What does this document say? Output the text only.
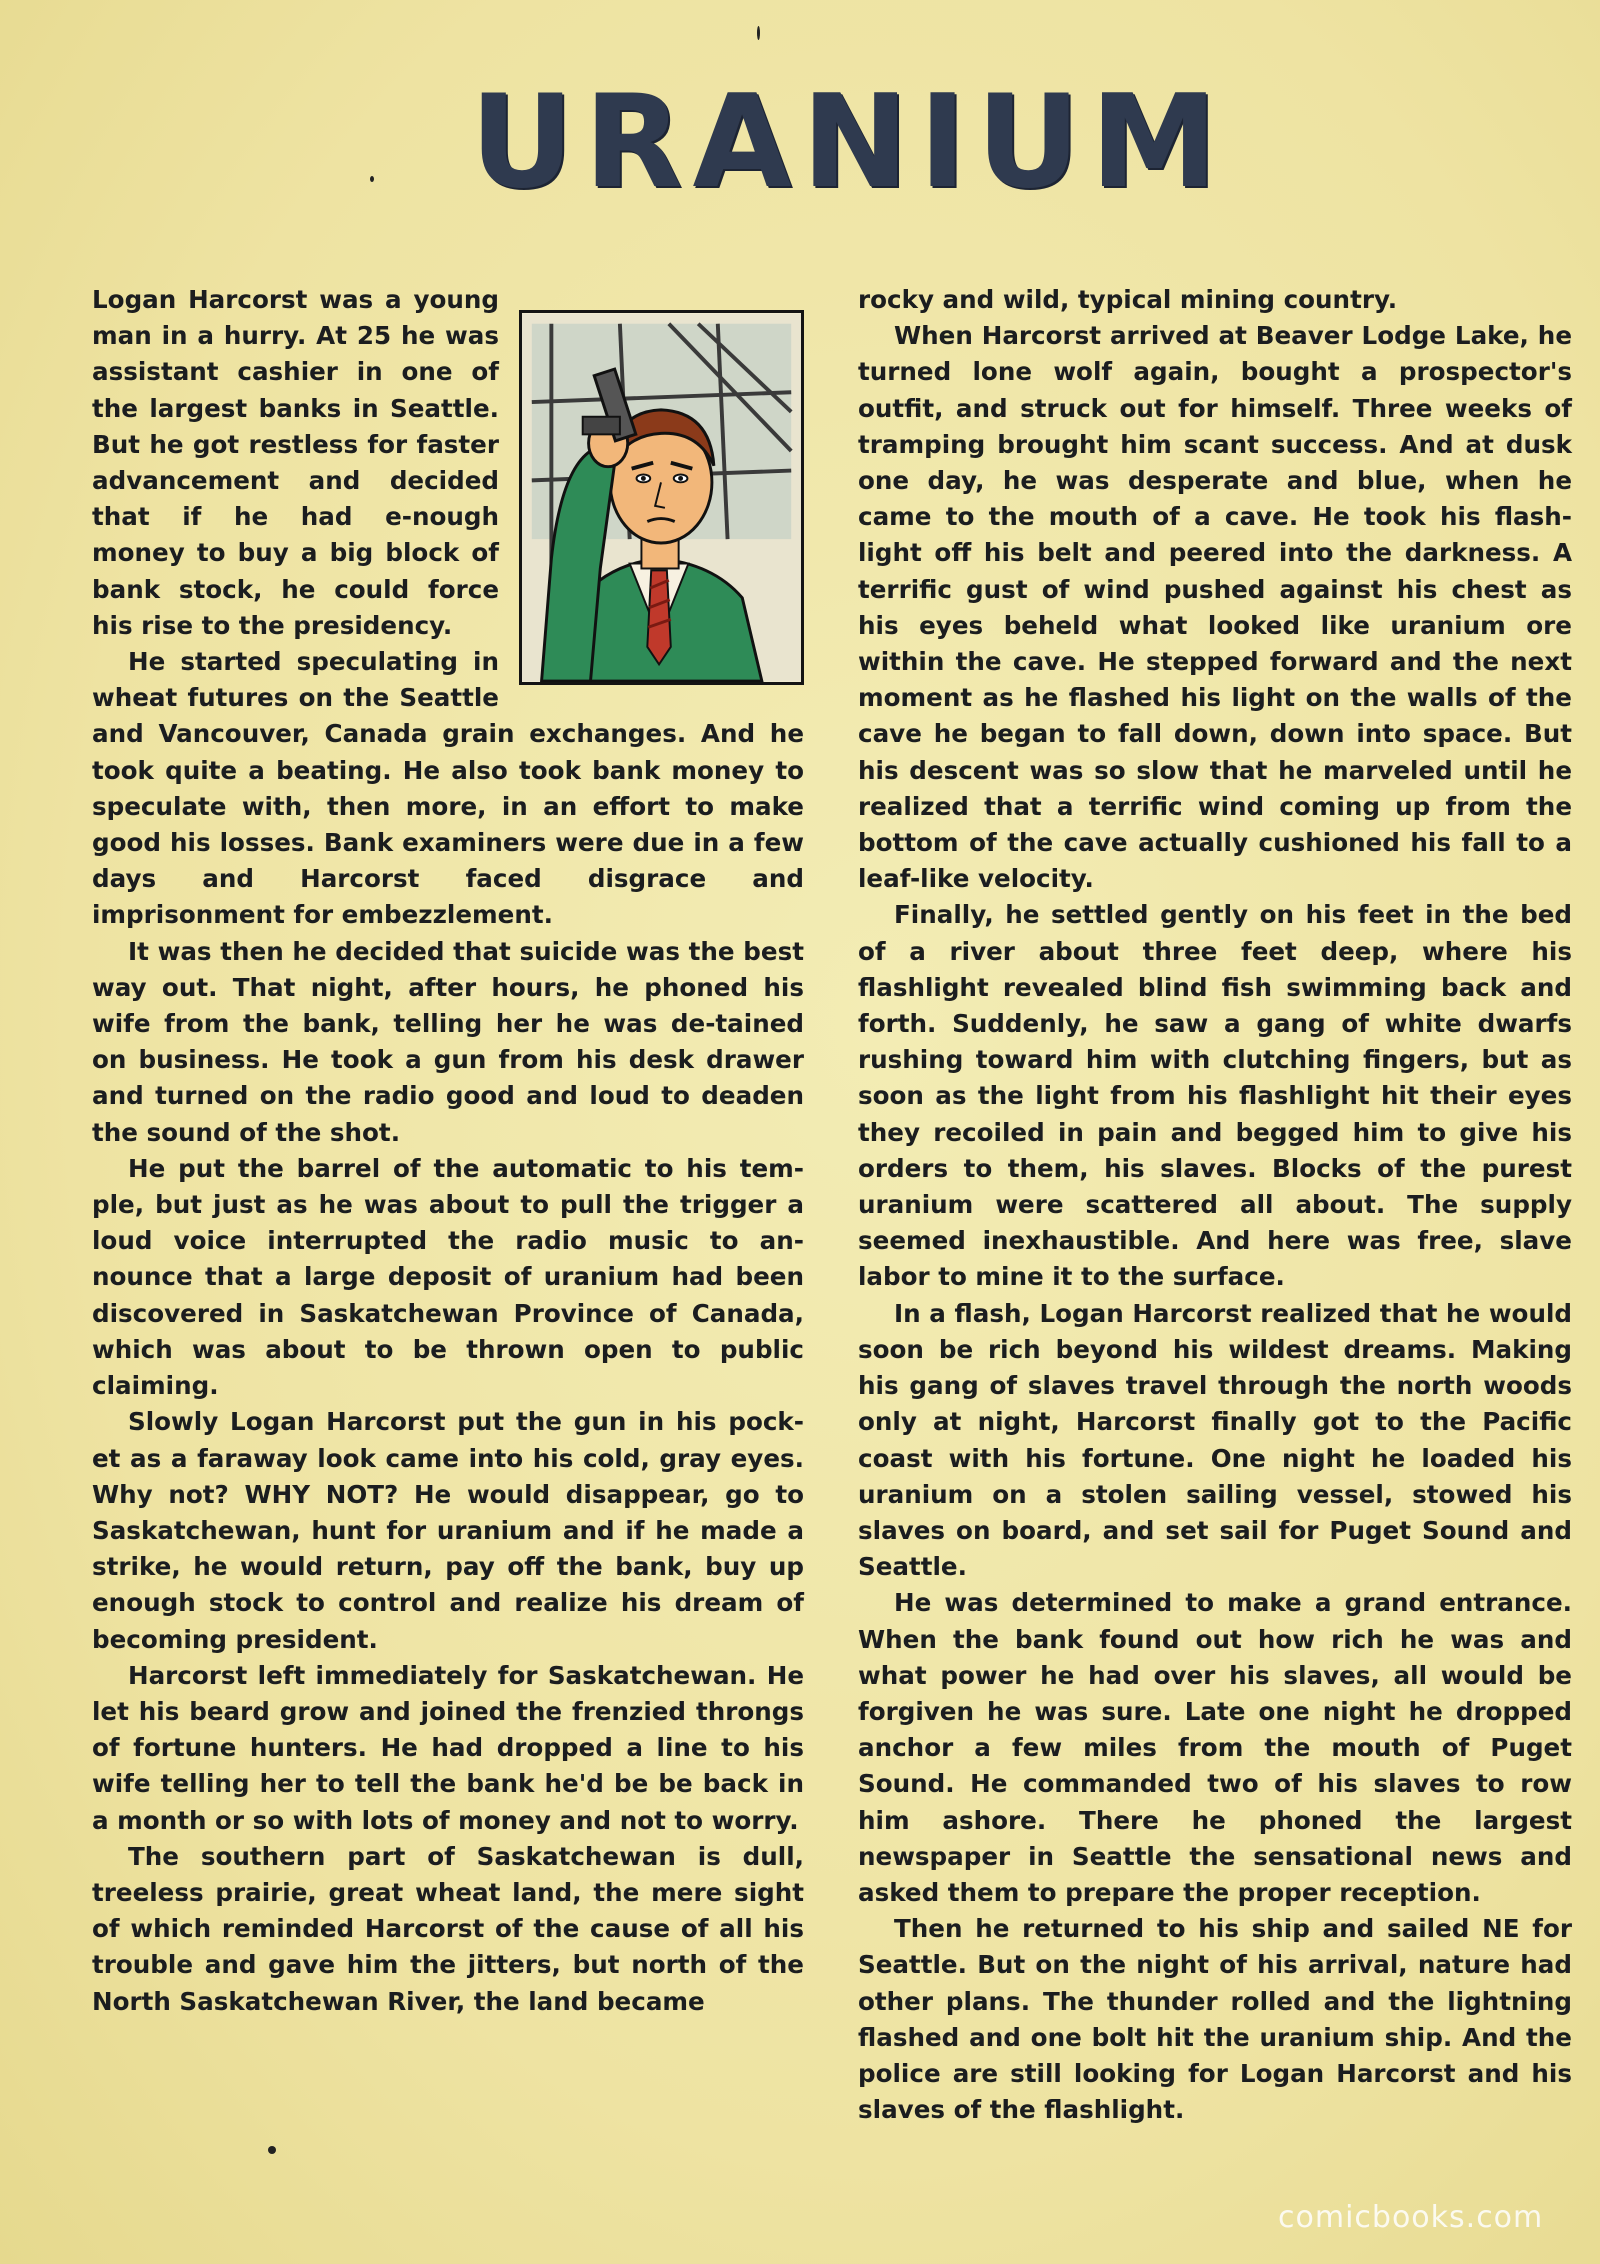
URANIUM

Logan Harcorst was a young man in a hurry. At 25 he was assistant cashier in one of the largest banks in Seattle. But he got restless for faster advancement and decided that if he had e-nough money to buy a big block of bank stock, he could force his rise to the presidency.

He started speculating in wheat futures on the Seattle and Vancouver, Canada grain exchanges. And he took quite a beating. He also took bank money to speculate with, then more, in an effort to make good his losses. Bank examiners were due in a few days and Harcorst faced disgrace and imprisonment for embezzlement.

It was then he decided that suicide was the best way out. That night, after hours, he phoned his wife from the bank, telling her he was de-tained on business. He took a gun from his desk drawer and turned on the radio good and loud to deaden the sound of the shot.

He put the barrel of the automatic to his tem-ple, but just as he was about to pull the trigger a loud voice interrupted the radio music to an-nounce that a large deposit of uranium had been discovered in Saskatchewan Province of Canada, which was about to be thrown open to public claiming.

Slowly Logan Harcorst put the gun in his pock-et as a faraway look came into his cold, gray eyes. Why not? WHY NOT? He would disappear, go to Saskatchewan, hunt for uranium and if he made a strike, he would return, pay off the bank, buy up enough stock to control and realize his dream of becoming president.

Harcorst left immediately for Saskatchewan. He let his beard grow and joined the frenzied throngs of fortune hunters. He had dropped a line to his wife telling her to tell the bank he'd be be back in a month or so with lots of money and not to worry.

The southern part of Saskatchewan is dull, treeless prairie, great wheat land, the mere sight of which reminded Harcorst of the cause of all his trouble and gave him the jitters, but north of the North Saskatchewan River, the land became

rocky and wild, typical mining country.

When Harcorst arrived at Beaver Lodge Lake, he turned lone wolf again, bought a prospector's outfit, and struck out for himself. Three weeks of tramping brought him scant success. And at dusk one day, he was desperate and blue, when he came to the mouth of a cave. He took his flash-light off his belt and peered into the darkness. A terrific gust of wind pushed against his chest as his eyes beheld what looked like uranium ore within the cave. He stepped forward and the next moment as he flashed his light on the walls of the cave he began to fall down, down into space. But his descent was so slow that he marveled until he realized that a terrific wind coming up from the bottom of the cave actually cushioned his fall to a leaf-like velocity.

Finally, he settled gently on his feet in the bed of a river about three feet deep, where his flashlight revealed blind fish swimming back and forth. Suddenly, he saw a gang of white dwarfs rushing toward him with clutching fingers, but as soon as the light from his flashlight hit their eyes they recoiled in pain and begged him to give his orders to them, his slaves. Blocks of the purest uranium were scattered all about. The supply seemed inexhaustible. And here was free, slave labor to mine it to the surface.

In a flash, Logan Harcorst realized that he would soon be rich beyond his wildest dreams. Making his gang of slaves travel through the north woods only at night, Harcorst finally got to the Pacific coast with his fortune. One night he loaded his uranium on a stolen sailing vessel, stowed his slaves on board, and set sail for Puget Sound and Seattle.

He was determined to make a grand entrance. When the bank found out how rich he was and what power he had over his slaves, all would be forgiven he was sure. Late one night he dropped anchor a few miles from the mouth of Puget Sound. He commanded two of his slaves to row him ashore. There he phoned the largest newspaper in Seattle the sensational news and asked them to prepare the proper reception.

Then he returned to his ship and sailed NE for Seattle. But on the night of his arrival, nature had other plans. The thunder rolled and the lightning flashed and one bolt hit the uranium ship. And the police are still looking for Logan Harcorst and his slaves of the flashlight.

comicbooks.com
